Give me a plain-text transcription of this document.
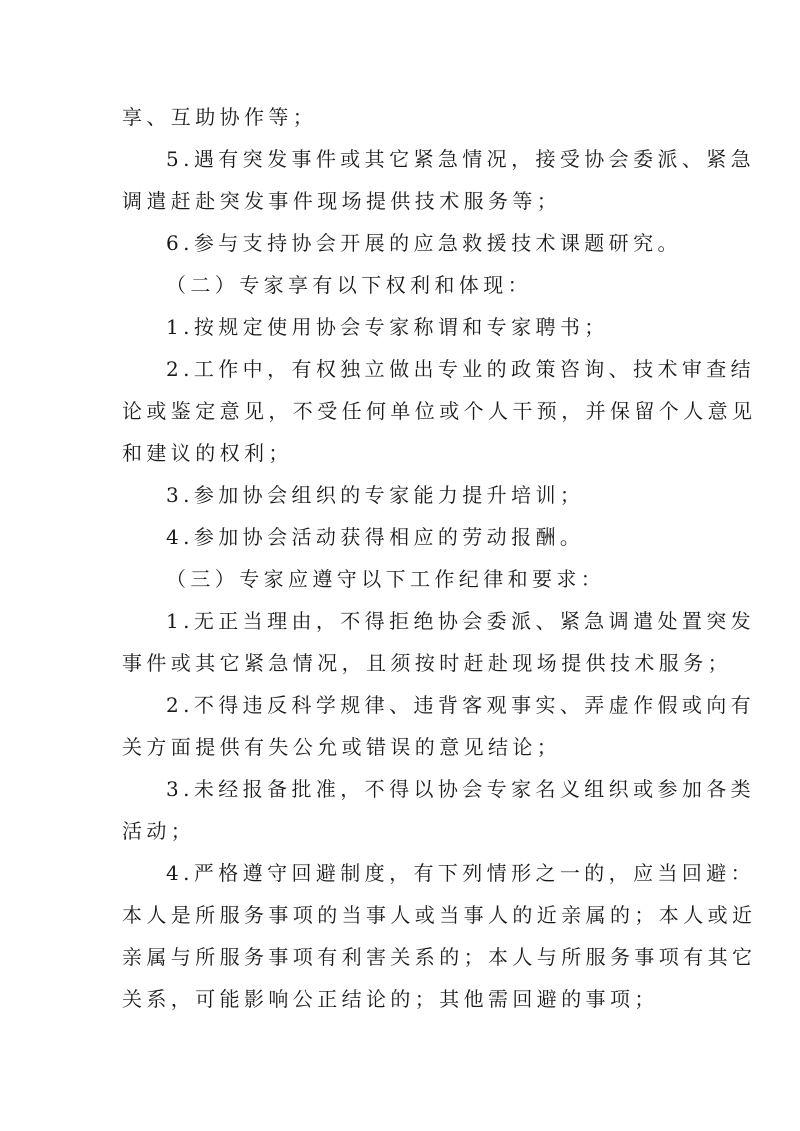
享、互助协作等；
5.遇有突发事件或其它紧急情况，接受协会委派、紧急
调遣赶赴突发事件现场提供技术服务等；
6.参与支持协会开展的应急救援技术课题研究。
（二）专家享有以下权利和体现：
1.按规定使用协会专家称谓和专家聘书；
2.工作中，有权独立做出专业的政策咨询、技术审查结
论或鉴定意见，不受任何单位或个人干预，并保留个人意见
和建议的权利；
3.参加协会组织的专家能力提升培训；
4.参加协会活动获得相应的劳动报酬。
（三）专家应遵守以下工作纪律和要求：
1.无正当理由，不得拒绝协会委派、紧急调遣处置突发
事件或其它紧急情况，且须按时赶赴现场提供技术服务；
2.不得违反科学规律、违背客观事实、弄虚作假或向有
关方面提供有失公允或错误的意见结论；
3.未经报备批准，不得以协会专家名义组织或参加各类
活动；
4.严格遵守回避制度，有下列情形之一的，应当回避：
本人是所服务事项的当事人或当事人的近亲属的；本人或近
亲属与所服务事项有利害关系的；本人与所服务事项有其它
关系，可能影响公正结论的；其他需回避的事项；
